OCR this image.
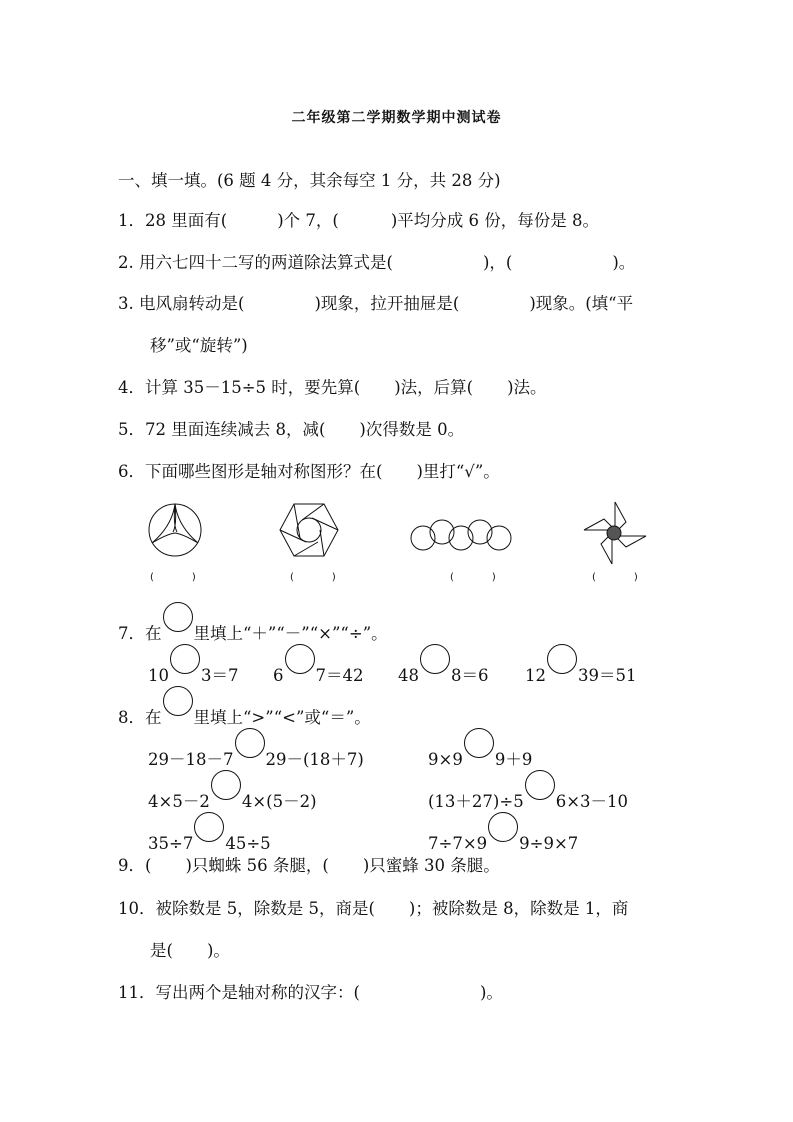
二年级第二学期数学期中测试卷
一、填一填。(6 题 4 分，其余每空 1 分，共 28 分)
1．28 里面有(	)个 7，(	)平均分成 6 份，每份是 8。
2. 用六七四十二写的两道除法算式是(	)，(	)。
3. 电风扇转动是(	)现象，拉开抽屉是(	)现象。(填“平
移”或“旋转”)
4．计算 35－15÷5 时，要先算( )法，后算( )法。
5．72 里面连续减去 8，减( )次得数是 0。
6．下面哪些图形是轴对称图形？在( )里打“√”。
(	)	(	)	(	)	(	)
7．在 里填上“＋”“－”“×”“÷”。
10 3＝7 6 7＝42 48 8＝6 12 39＝51
8．在 里填上“>”“<”或“＝”。
29－18－7 29－(18＋7)	9×9 9＋9
4×5－2 4×(5－2)	(13＋27)÷5 6×3－10
35÷7 45÷5	7÷7×9 9÷9×7
9．( )只蜘蛛 56 条腿，( )只蜜蜂 30 条腿。
10．被除数是 5，除数是 5，商是( )；被除数是 8，除数是 1，商
是( )。
11．写出两个是轴对称的汉字：(	)。
